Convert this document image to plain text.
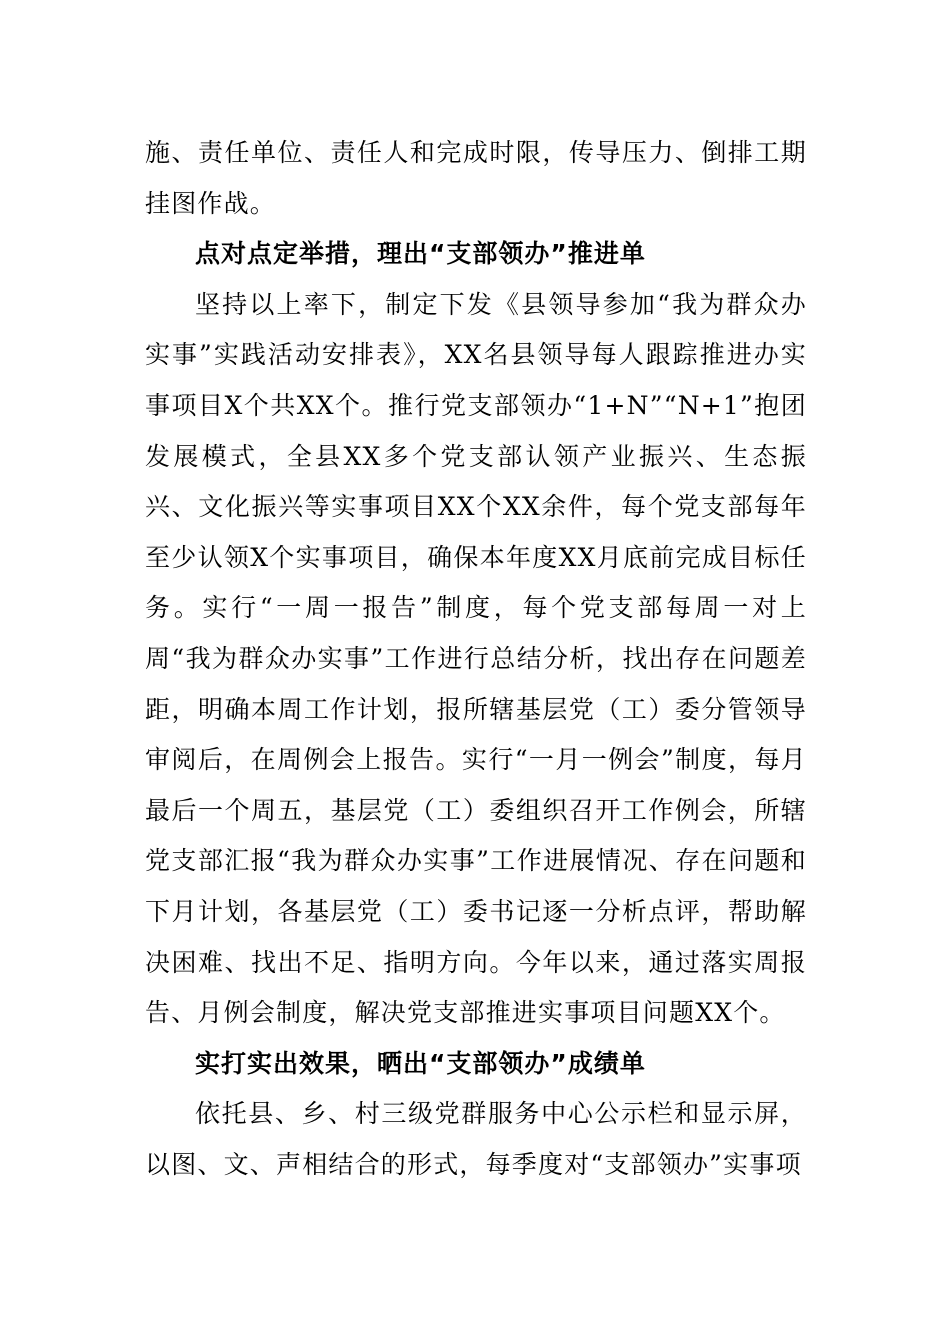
施、责任单位、责任人和完成时限，传导压力、倒排工期挂图作战。

点对点定举措，理出“支部领办”推进单

坚持以上率下，制定下发《县领导参加“我为群众办实事”实践活动安排表》，XX名县领导每人跟踪推进办实事项目X个共XX个。推行党支部领办“1+N”“N+1”抱团发展模式，全县XX多个党支部认领产业振兴、生态振兴、文化振兴等实事项目XX个XX余件，每个党支部每年至少认领X个实事项目，确保本年度XX月底前完成目标任务。实行“一周一报告”制度，每个党支部每周一对上周“我为群众办实事”工作进行总结分析，找出存在问题差距，明确本周工作计划，报所辖基层党（工）委分管领导审阅后，在周例会上报告。实行“一月一例会”制度，每月最后一个周五，基层党（工）委组织召开工作例会，所辖党支部汇报“我为群众办实事”工作进展情况、存在问题和下月计划，各基层党（工）委书记逐一分析点评，帮助解决困难、找出不足、指明方向。今年以来，通过落实周报告、月例会制度，解决党支部推进实事项目问题XX个。

实打实出效果，晒出“支部领办”成绩单

依托县、乡、村三级党群服务中心公示栏和显示屏，以图、文、声相结合的形式，每季度对“支部领办”实事项
